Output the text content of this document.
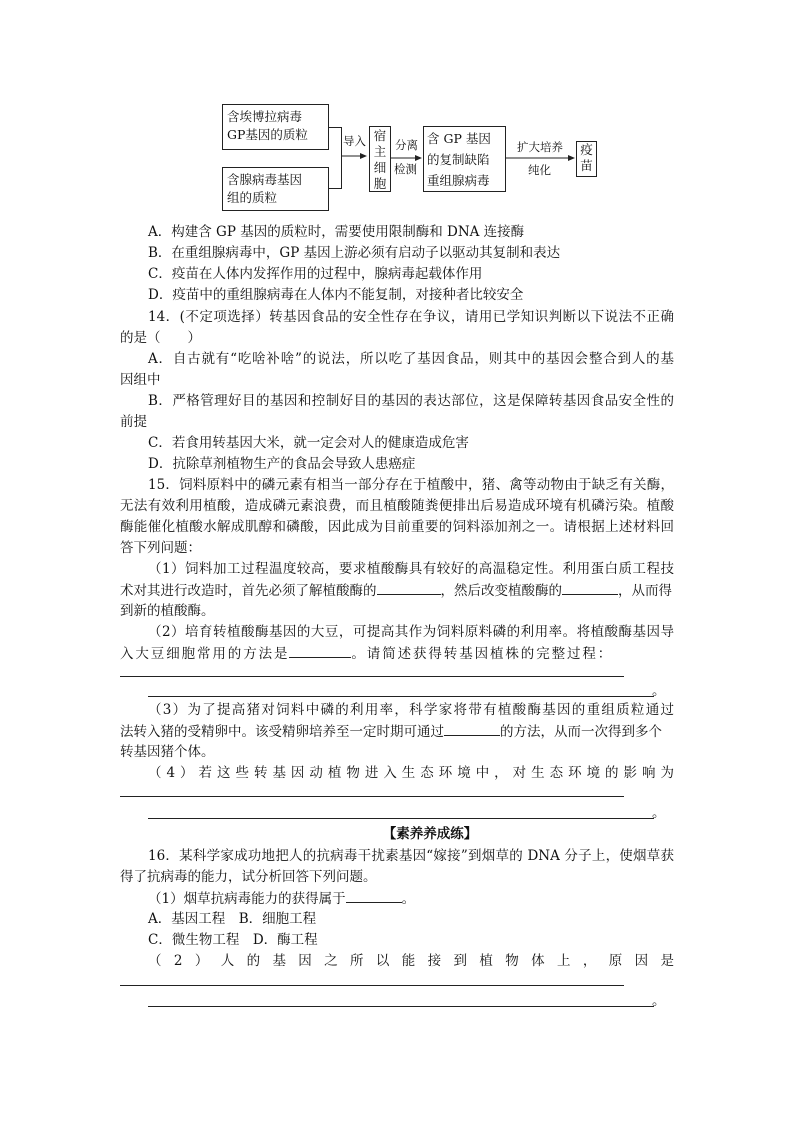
含埃博拉病毒
GP基因的质粒
含腺病毒基因
组的质粒
导入 宿
主
细
胞
分离
检测
含 GP 基因
的复制缺陷
重组腺病毒
扩大培养
纯化
疫
苗
A．构建含 GP 基因的质粒时，需要使用限制酶和 DNA 连接酶
B．在重组腺病毒中，GP 基因上游必须有启动子以驱动其复制和表达
C．疫苗在人体内发挥作用的过程中，腺病毒起载体作用
D．疫苗中的重组腺病毒在人体内不能复制，对接种者比较安全
14．(不定项选择）转基因食品的安全性存在争议，请用已学知识判断以下说法不正确
的是（　　）
A．自古就有“吃啥补啥”的说法，所以吃了基因食品，则其中的基因会整合到人的基
因组中
B．严格管理好目的基因和控制好目的基因的表达部位，这是保障转基因食品安全性的
前提
C．若食用转基因大米，就一定会对人的健康造成危害
D．抗除草剂植物生产的食品会导致人患癌症
15．饲料原料中的磷元素有相当一部分存在于植酸中，猪、禽等动物由于缺乏有关酶，
无法有效利用植酸，造成磷元素浪费，而且植酸随粪便排出后易造成环境有机磷污染。植酸
酶能催化植酸水解成肌醇和磷酸，因此成为目前重要的饲料添加剂之一。请根据上述材料回
答下列问题：
（1）饲料加工过程温度较高，要求植酸酶具有较好的高温稳定性。利用蛋白质工程技
术对其进行改造时，首先必须了解植酸酶的	，然后改变植酸酶的	，从而得
到新的植酸酶。
（2）培育转植酸酶基因的大豆，可提高其作为饲料原料磷的利用率。将植酸酶基因导
入大豆细胞常用的方法是	。请简述获得转基因植株的完整过程：
。
（3）为了提高猪对饲料中磷的利用率，科学家将带有植酸酶基因的重组质粒通过
法转入猪的受精卵中。该受精卵培养至一定时期可通过	的方法，从而一次得到多个
转基因猪个体。
（4）若这些转基因动植物进入生态环境中，对生态环境的影响为
。
【素养养成练】
16．某科学家成功地把人的抗病毒干扰素基因“嫁接”到烟草的 DNA 分子上，使烟草获
得了抗病毒的能力，试分析回答下列问题。
（1）烟草抗病毒能力的获得属于	。
A．基因工程　B．细胞工程
C．微生物工程　D．酶工程
（2）人的基因之所以能接到植物体上，原因是
。
